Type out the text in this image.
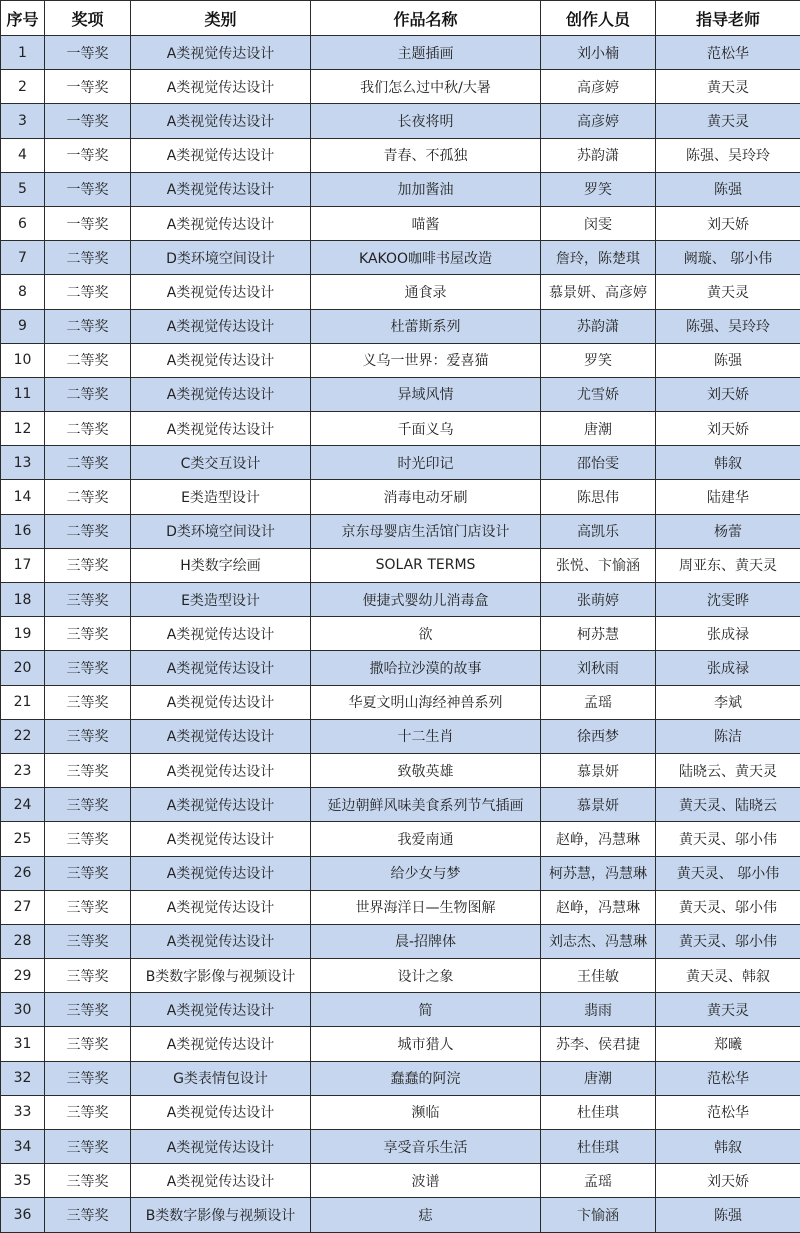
序号	奖项	类别	作品名称	创作人员	指导老师
1	一等奖	A类视觉传达设计	主题插画	刘小楠	范松华
2	一等奖	A类视觉传达设计	我们怎么过中秋/大暑	高彦婷	黄天灵
3	一等奖	A类视觉传达设计	长夜将明	高彦婷	黄天灵
4	一等奖	A类视觉传达设计	青春、不孤独	苏韵潇	陈强、吴玲玲
5	一等奖	A类视觉传达设计	加加酱油	罗笑	陈强
6	一等奖	A类视觉传达设计	喵酱	闵雯	刘天娇
7	二等奖	D类环境空间设计	KAKOO咖啡书屋改造	詹玲，陈楚琪	阙璇、 邬小伟
8	二等奖	A类视觉传达设计	通食录	慕景妍、高彦婷	黄天灵
9	二等奖	A类视觉传达设计	杜蕾斯系列	苏韵潇	陈强、吴玲玲
10	二等奖	A类视觉传达设计	义乌一世界：爱喜猫	罗笑	陈强
11	二等奖	A类视觉传达设计	异域风情	尤雪娇	刘天娇
12	二等奖	A类视觉传达设计	千面义乌	唐潮	刘天娇
13	二等奖	C类交互设计	时光印记	邵怡雯	韩叙
14	二等奖	E类造型设计	消毒电动牙刷	陈思伟	陆建华
16	二等奖	D类环境空间设计	京东母婴店生活馆门店设计	高凯乐	杨蕾
17	三等奖	H类数字绘画	SOLAR TERMS	张悦、卞愉涵	周亚东、黄天灵
18	三等奖	E类造型设计	便捷式婴幼儿消毒盒	张萌婷	沈雯晔
19	三等奖	A类视觉传达设计	欲	柯苏慧	张成禄
20	三等奖	A类视觉传达设计	撒哈拉沙漠的故事	刘秋雨	张成禄
21	三等奖	A类视觉传达设计	华夏文明山海经神兽系列	孟瑶	李斌
22	三等奖	A类视觉传达设计	十二生肖	徐西梦	陈洁
23	三等奖	A类视觉传达设计	致敬英雄	慕景妍	陆晓云、黄天灵
24	三等奖	A类视觉传达设计	延边朝鲜风味美食系列节气插画	慕景妍	黄天灵、陆晓云
25	三等奖	A类视觉传达设计	我爱南通	赵峥，冯慧琳	黄天灵、邬小伟
26	三等奖	A类视觉传达设计	给少女与梦	柯苏慧，冯慧琳	黄天灵、 邬小伟
27	三等奖	A类视觉传达设计	世界海洋日—生物图解	赵峥，冯慧琳	黄天灵、邬小伟
28	三等奖	A类视觉传达设计	晨-招牌体	刘志杰、冯慧琳	黄天灵、邬小伟
29	三等奖	B类数字影像与视频设计	设计之象	王佳敏	黄天灵、韩叙
30	三等奖	A类视觉传达设计	简	翡雨	黄天灵
31	三等奖	A类视觉传达设计	城市猎人	苏李、侯君捷	郑曦
32	三等奖	G类表情包设计	蠢蠢的阿浣	唐潮	范松华
33	三等奖	A类视觉传达设计	濒临	杜佳琪	范松华
34	三等奖	A类视觉传达设计	享受音乐生活	杜佳琪	韩叙
35	三等奖	A类视觉传达设计	波谱	孟瑶	刘天娇
36	三等奖	B类数字影像与视频设计	痣	卞愉涵	陈强
